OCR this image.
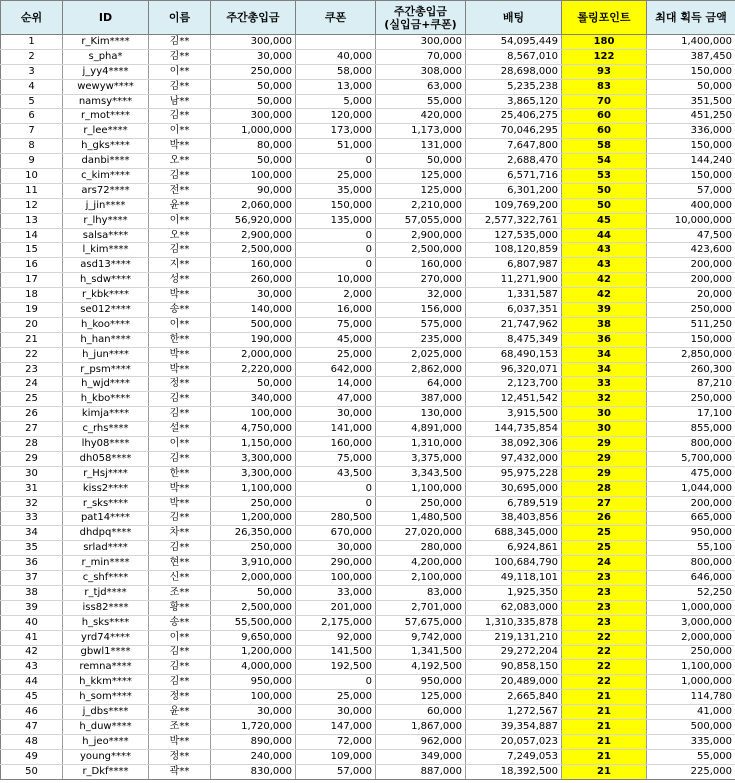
순위	ID	이름	주간총입금	쿠폰	주간총입금
(실입금+쿠폰)	배팅	롤링포인트	최대 획득 금액
1	r_Kim****	김**	300,000		300,000	54,095,449	180	1,400,000
2	s_pha*	김**	30,000	40,000	70,000	8,567,010	122	387,450
3	j_yy4****	이**	250,000	58,000	308,000	28,698,000	93	150,000
4	wewyw****	김**	50,000	13,000	63,000	5,235,238	83	50,000
5	namsy****	남**	50,000	5,000	55,000	3,865,120	70	351,500
6	r_mot****	김**	300,000	120,000	420,000	25,406,275	60	451,250
7	r_lee****	이**	1,000,000	173,000	1,173,000	70,046,295	60	336,000
8	h_gks****	박**	80,000	51,000	131,000	7,647,800	58	150,000
9	danbi****	오**	50,000	0	50,000	2,688,470	54	144,240
10	c_kim****	김**	100,000	25,000	125,000	6,571,716	53	150,000
11	ars72****	전**	90,000	35,000	125,000	6,301,200	50	57,000
12	j_jin****	윤**	2,060,000	150,000	2,210,000	109,769,200	50	400,000
13	r_lhy****	이**	56,920,000	135,000	57,055,000	2,577,322,761	45	10,000,000
14	salsa****	오**	2,900,000	0	2,900,000	127,535,000	44	47,500
15	l_kim****	김**	2,500,000	0	2,500,000	108,120,859	43	423,600
16	asd13****	지**	160,000	0	160,000	6,807,987	43	200,000
17	h_sdw****	성**	260,000	10,000	270,000	11,271,900	42	200,000
18	r_kbk****	박**	30,000	2,000	32,000	1,331,587	42	20,000
19	se012****	송**	140,000	16,000	156,000	6,037,351	39	250,000
20	h_koo****	이**	500,000	75,000	575,000	21,747,962	38	511,250
21	h_han****	한**	190,000	45,000	235,000	8,475,349	36	150,000
22	h_jun****	박**	2,000,000	25,000	2,025,000	68,490,153	34	2,850,000
23	r_psm****	박**	2,220,000	642,000	2,862,000	96,320,071	34	260,300
24	h_wjd****	정**	50,000	14,000	64,000	2,123,700	33	87,210
25	h_kbo****	김**	340,000	47,000	387,000	12,451,542	32	250,000
26	kimja****	김**	100,000	30,000	130,000	3,915,500	30	17,100
27	c_rhs****	설**	4,750,000	141,000	4,891,000	144,735,854	30	855,000
28	lhy08****	이**	1,150,000	160,000	1,310,000	38,092,306	29	800,000
29	dh058****	김**	3,300,000	75,000	3,375,000	97,432,000	29	5,700,000
30	r_Hsj****	한**	3,300,000	43,500	3,343,500	95,975,228	29	475,000
31	kiss2****	박**	1,100,000	0	1,100,000	30,695,000	28	1,044,000
32	r_sks****	박**	250,000	0	250,000	6,789,519	27	200,000
33	pat14****	김**	1,200,000	280,500	1,480,500	38,403,856	26	665,000
34	dhdpq****	차**	26,350,000	670,000	27,020,000	688,345,000	25	950,000
35	srlad****	김**	250,000	30,000	280,000	6,924,861	25	55,100
36	r_min****	현**	3,910,000	290,000	4,200,000	100,684,790	24	800,000
37	c_shf****	신**	2,000,000	100,000	2,100,000	49,118,101	23	646,000
38	r_tjd****	조**	50,000	33,000	83,000	1,925,350	23	52,250
39	iss82****	황**	2,500,000	201,000	2,701,000	62,083,000	23	1,000,000
40	h_sks****	송**	55,500,000	2,175,000	57,675,000	1,310,335,878	23	3,000,000
41	yrd74****	이**	9,650,000	92,000	9,742,000	219,131,210	22	2,000,000
42	gbwl1****	김**	1,200,000	141,500	1,341,500	29,272,204	22	250,000
43	remna****	김**	4,000,000	192,500	4,192,500	90,858,150	22	1,100,000
44	h_kkm****	김**	950,000	0	950,000	20,489,000	22	1,000,000
45	h_som****	정**	100,000	25,000	125,000	2,665,840	21	114,780
46	j_dbs****	윤**	30,000	30,000	60,000	1,272,567	21	41,000
47	h_duw****	조**	1,720,000	147,000	1,867,000	39,354,887	21	500,000
48	h_jeo****	박**	890,000	72,000	962,000	20,057,023	21	335,000
49	young****	정**	240,000	109,000	349,000	7,249,053	21	55,000
50	r_Dkf****	곽**	830,000	57,000	887,000	18,392,500	21	225,000
